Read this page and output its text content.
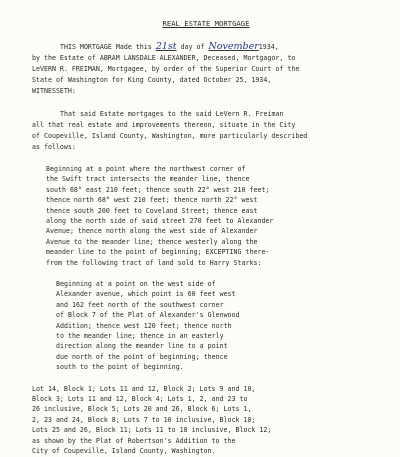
REAL ESTATE MORTGAGE

THIS MORTGAGE Made this 21st day of November1934,

by the Estate of ABRAM LANSDALE ALEXANDER, Deceased, Mortgagor, to

LeVERN R. FREIMAN, Mortgagee, by order of the Superior Court of the

State of Washington for King County, dated October 25, 1934,

WITNESSETH:

That said Estate mortgages to the said LeVern R. Freiman

all that real estate and improvements thereon, situate in the City

of Coupeville, Island County, Washington, more particularly described

as follows:

Beginning at a point where the northwest corner of

the Swift tract intersects the meander line, thence

south 68° east 210 feet; thence south 22° west 210 feet;

thence north 68° west 210 feet; thence north 22° west

thence south 200 feet to Coveland Street; thence east

along the north side of said street 270 feet to Alexander

Avenue; thence north along the west side of Alexander

Avenue to the meander line; thence westerly along the

meander line to the point of beginning; EXCEPTING there-

from the following tract of land sold to Harry Starks:

Beginning at a point on the west side of

Alexander avenue, which point is 60 feet west

and 162 feet north of the southwest corner

of Block 7 of the Plat of Alexander's Glenwood

Addition; thence west 120 feet; thence north

to the meander line; thence in an easterly

direction along the meander line to a point

due north of the point of beginning; thence

south to the point of beginning.

Lot 14, Block 1; Lots 11 and 12, Block 2; Lots 9 and 10,

Block 3; Lots 11 and 12, Block 4; Lots 1, 2, and 23 to

26 inclusive, Block 5; Lots 20 and 26, Block 6; Lots 1,

2, 23 and 24, Block 8; Lots 7 to 10 inclusive, Block 10;

Lots 25 and 26, Block 11; Lots 11 to 18 inclusive, Block 12;

as shown by the Plat of Robertson's Addition to the

City of Coupeville, Island County, Washington.
